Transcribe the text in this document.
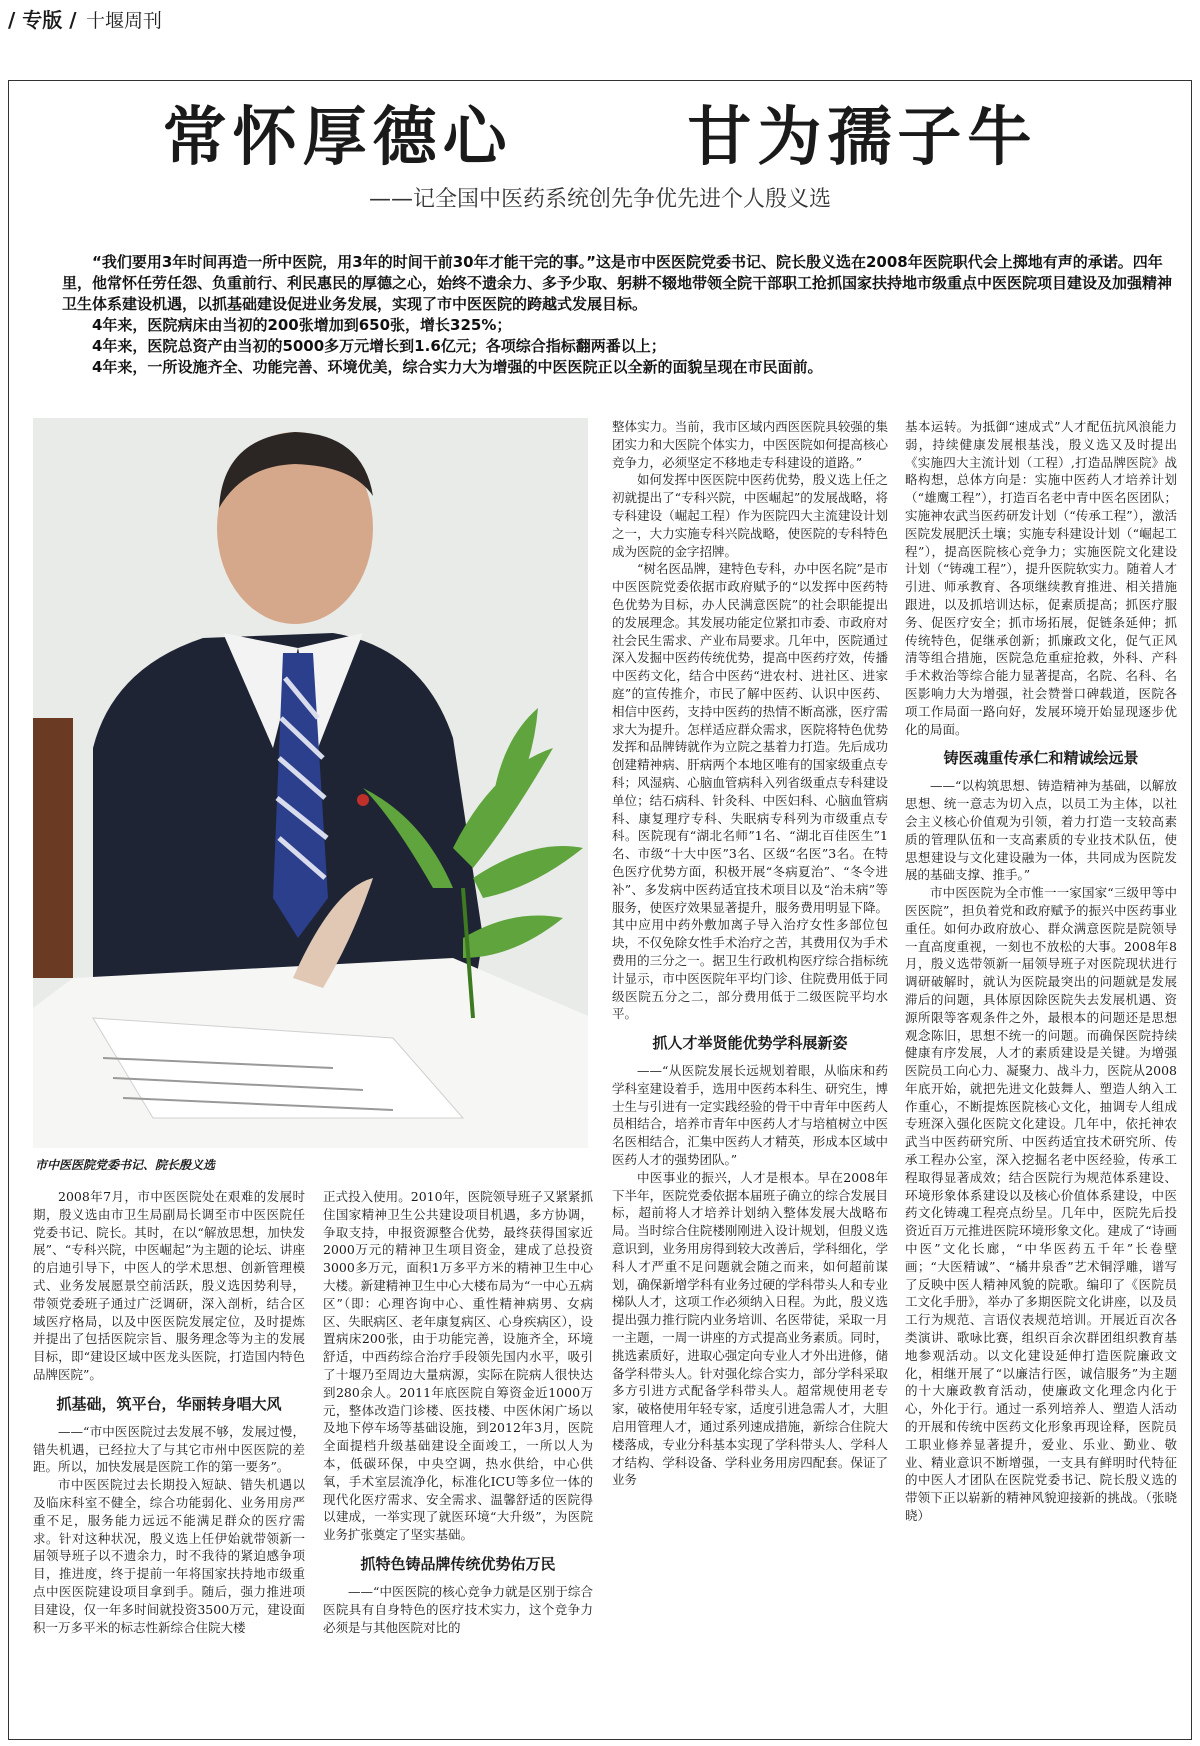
/ 专版 / 十堰周刊
常怀厚德心   甘为孺子牛
——记全国中医药系统创先争优先进个人殷义选

“我们要用3年时间再造一所中医院，用3年的时间干前30年才能干完的事。”这是市中医医院党委书记、院长殷义选在2008年医院职代会上掷地有声的承诺。四年里，他常怀任劳任怨、负重前行、利民惠民的厚德之心，始终不遗余力、多予少取、躬耕不辍地带领全院干部职工抢抓国家扶持地市级重点中医医院项目建设及加强精神卫生体系建设机遇，以抓基础建设促进业务发展，实现了市中医医院的跨越式发展目标。

4年来，医院病床由当初的200张增加到650张，增长325%；

4年来，医院总资产由当初的5000多万元增长到1.6亿元；各项综合指标翻两番以上；

4年来，一所设施齐全、功能完善、环境优美，综合实力大为增强的中医医院正以全新的面貌呈现在市民面前。

市中医医院党委书记、院长殷义选

2008年7月，市中医医院处在艰难的发展时期，殷义选由市卫生局副局长调至市中医医院任党委书记、院长。其时，在以“解放思想，加快发展”、“专科兴院，中医崛起”为主题的论坛、讲座的启迪引导下，中医人的学术思想、创新管理模式、业务发展愿景空前活跃，殷义选因势利导，带领党委班子通过广泛调研，深入剖析，结合区域医疗格局，以及中医医院发展定位，及时提炼并提出了包括医院宗旨、服务理念等为主的发展目标，即“建设区域中医龙头医院，打造国内特色品牌医院”。

抓基础，筑平台，华丽转身唱大风

——“市中医医院过去发展不够，发展过慢，错失机遇，已经拉大了与其它市州中医医院的差距。所以，加快发展是医院工作的第一要务”。

市中医医院过去长期投入短缺、错失机遇以及临床科室不健全，综合功能弱化、业务用房严重不足，服务能力远远不能满足群众的医疗需求。针对这种状况，殷义选上任伊始就带领新一届领导班子以不遗余力，时不我待的紧迫感争项目，推进度，终于提前一年将国家扶持地市级重点中医医院建设项目拿到手。随后，强力推进项目建设，仅一年多时间就投资3500万元，建设面积一万多平米的标志性新综合住院大楼

正式投入使用。2010年，医院领导班子又紧紧抓住国家精神卫生公共建设项目机遇，多方协调，争取支持，申报资源整合优势，最终获得国家近2000万元的精神卫生项目资金，建成了总投资3000多万元，面积1万多平方米的精神卫生中心大楼。新建精神卫生中心大楼布局为“一中心五病区”（即：心理咨询中心、重性精神病男、女病区、失眠病区、老年康复病区、心身疾病区），设置病床200张，由于功能完善，设施齐全，环境舒适，中西药综合治疗手段领先国内水平，吸引了十堰乃至周边大量病源，实际在院病人很快达到280余人。2011年底医院自筹资金近1000万元，整体改造门诊楼、医技楼、中医休闲广场以及地下停车场等基础设施，到2012年3月，医院全面提档升级基础建设全面竣工，一所以人为本，低碳环保，中央空调，热水供给，中心供氧，手术室层流净化，标准化ICU等多位一体的现代化医疗需求、安全需求、温馨舒适的医院得以建成，一举实现了就医环境“大升级”，为医院业务扩张奠定了坚实基础。

抓特色铸品牌传统优势佑万民

——“中医医院的核心竞争力就是区别于综合医院具有自身特色的医疗技术实力，这个竞争力必须是与其他医院对比的

整体实力。当前，我市区域内西医医院具较强的集团实力和大医院个体实力，中医医院如何提高核心竞争力，必须坚定不移地走专科建设的道路。”

如何发挥中医医院中医药优势，殷义选上任之初就提出了“专科兴院，中医崛起”的发展战略，将专科建设（崛起工程）作为医院四大主流建设计划之一，大力实施专科兴院战略，使医院的专科特色成为医院的金字招牌。

“树名医品牌，建特色专科，办中医名院”是市中医医院党委依据市政府赋予的“以发挥中医药特色优势为目标，办人民满意医院”的社会职能提出的发展理念。其发展功能定位紧扣市委、市政府对社会民生需求、产业布局要求。几年中，医院通过深入发掘中医药传统优势，提高中医药疗效，传播中医药文化，结合中医药“进农村、进社区、进家庭”的宣传推介，市民了解中医药、认识中医药、相信中医药，支持中医药的热情不断高涨，医疗需求大为提升。怎样适应群众需求，医院将特色优势发挥和品牌铸就作为立院之基着力打造。先后成功创建精神病、肝病两个本地区唯有的国家级重点专科；风湿病、心脑血管病科入列省级重点专科建设单位；结石病科、针灸科、中医妇科、心脑血管病科、康复理疗专科、失眠病专科列为市级重点专科。医院现有“湖北名师”1名、“湖北百佳医生”1名、市级“十大中医”3名、区级“名医”3名。在特色医疗优势方面，积极开展“冬病夏治”、“冬令进补”、多发病中医药适宜技术项目以及“治未病”等服务，使医疗效果显著提升，服务费用明显下降。其中应用中药外敷加离子导入治疗女性多部位包块，不仅免除女性手术治疗之苦，其费用仅为手术费用的三分之一。据卫生行政机构医疗综合指标统计显示，市中医医院年平均门诊、住院费用低于同级医院五分之二，部分费用低于二级医院平均水平。

抓人才举贤能优势学科展新姿

——“从医院发展长远规划着眼，从临床和药学科室建设着手，选用中医药本科生、研究生，博士生与引进有一定实践经验的骨干中青年中医药人员相结合，培养市青年中医药人才与培植树立中医名医相结合，汇集中医药人才精英，形成本区域中医药人才的强势团队。”

中医事业的振兴，人才是根本。早在2008年下半年，医院党委依据本届班子确立的综合发展目标，超前将人才培养计划纳入整体发展大战略布局。当时综合住院楼刚刚进入设计规划，但殷义选意识到，业务用房得到较大改善后，学科细化，学科人才严重不足问题就会随之而来，如何超前谋划，确保新增学科有业务过硬的学科带头人和专业梯队人才，这项工作必须纳入日程。为此，殷义选提出强力推行院内业务培训、名医带徒，采取一月一主题，一周一讲座的方式提高业务素质。同时，挑选素质好，进取心强定向专业人才外出进修，储备学科带头人。针对强化综合实力，部分学科采取多方引进方式配备学科带头人。超常规使用老专家，破格使用年轻专家，适度引进急需人才，大胆启用管理人才，通过系列速成措施，新综合住院大楼落成，专业分科基本实现了学科带头人、学科人才结构、学科设备、学科业务用房四配套。保证了业务

基本运转。为抵御“速成式”人才配伍抗风浪能力弱，持续健康发展根基浅，殷义选又及时提出《实施四大主流计划（工程）,打造品牌医院》战略构想，总体方向是：实施中医药人才培养计划（“雄鹰工程”），打造百名老中青中医名医团队；实施神农武当医药研发计划（“传承工程”），激活医院发展肥沃土壤；实施专科建设计划（“崛起工程”），提高医院核心竞争力；实施医院文化建设计划（“铸魂工程”），提升医院软实力。随着人才引进、师承教育、各项继续教育推进、相关措施跟进，以及抓培训达标，促素质提高；抓医疗服务、促医疗安全；抓市场拓展，促链条延伸；抓传统特色，促继承创新；抓廉政文化，促气正风清等组合措施，医院急危重症抢救，外科、产科手术救治等综合能力显著提高，名院、名科、名医影响力大为增强，社会赞誉口碑载道，医院各项工作局面一路向好，发展环境开始显现逐步优化的局面。

铸医魂重传承仁和精诚绘远景

——“以构筑思想、铸造精神为基础，以解放思想、统一意志为切入点，以员工为主体，以社会主义核心价值观为引领，着力打造一支较高素质的管理队伍和一支高素质的专业技术队伍，使思想建设与文化建设融为一体，共同成为医院发展的基础支撑、推手。”

市中医医院为全市惟一一家国家“三级甲等中医医院”，担负着党和政府赋予的振兴中医药事业重任。如何办政府放心、群众满意医院是院领导一直高度重视，一刻也不放松的大事。2008年8月，殷义选带领新一届领导班子对医院现状进行调研破解时，就认为医院最突出的问题就是发展滞后的问题，具体原因除医院失去发展机遇、资源所限等客观条件之外，最根本的问题还是思想观念陈旧，思想不统一的问题。而确保医院持续健康有序发展，人才的素质建设是关键。为增强医院员工向心力、凝聚力、战斗力，医院从2008年底开始，就把先进文化鼓舞人、塑造人纳入工作重心，不断提炼医院核心文化，抽调专人组成专班深入强化医院文化建设。几年中，依托神农武当中医药研究所、中医药适宜技术研究所、传承工程办公室，深入挖掘名老中医经验，传承工程取得显著成效；结合医院行为规范体系建设、环境形象体系建设以及核心价值体系建设，中医药文化铸魂工程亮点纷呈。几年中，医院先后投资近百万元推进医院环境形象文化。建成了“诗画中医”文化长廊，“中华医药五千年”长卷壁画；“大医精诚”、“橘井泉香”艺术铜浮雕，谱写了反映中医人精神风貌的院歌。编印了《医院员工文化手册》，举办了多期医院文化讲座，以及员工行为规范、言语仪表规范培训。开展近百次各类演讲、歌咏比赛，组织百余次群团组织教育基地参观活动。以文化建设延伸打造医院廉政文化，相继开展了“以廉洁行医，诚信服务”为主题的十大廉政教育活动，使廉政文化理念内化于心，外化于行。通过一系列培养人、塑造人活动的开展和传统中医药文化形象再现诠释，医院员工职业修养显著提升，爱业、乐业、勤业、敬业、精业意识不断增强，一支具有鲜明时代特征的中医人才团队在医院党委书记、院长殷义选的带领下正以崭新的精神风貌迎接新的挑战。（张晓晓）
